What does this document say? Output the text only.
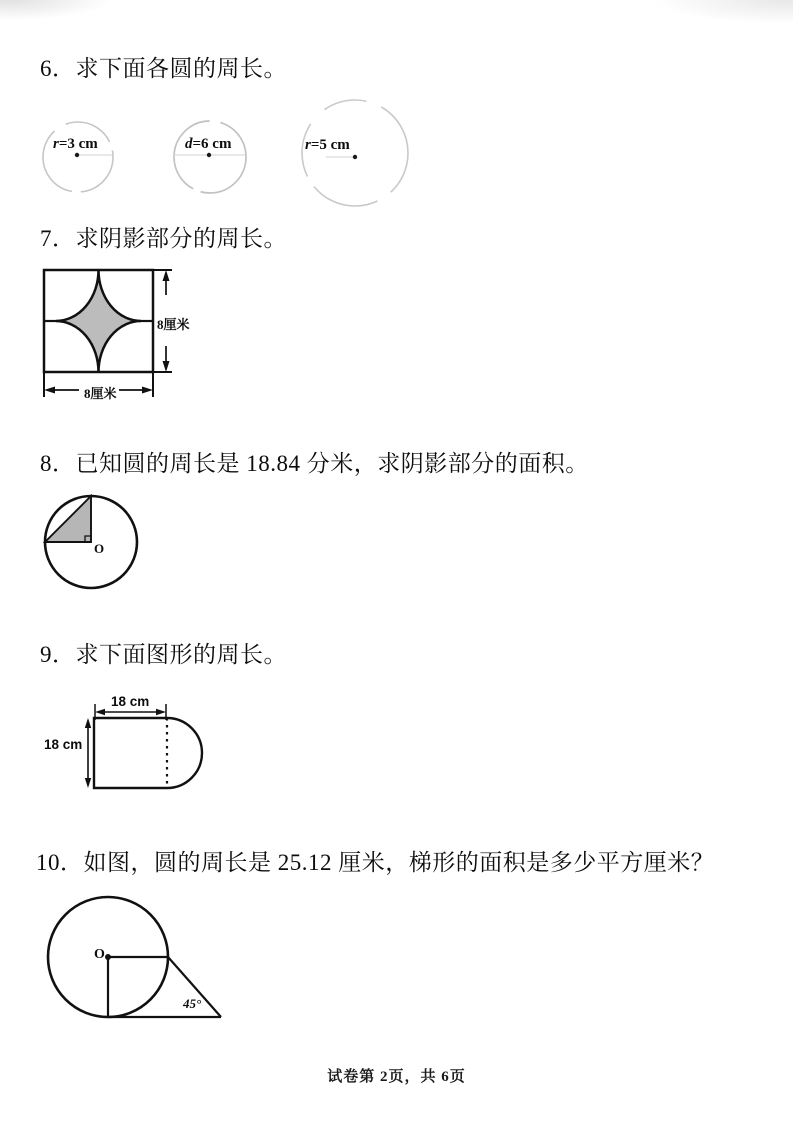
6．求下面各圆的周长。
r=3 cm	d=6 cm	r=5 cm
7．求阴影部分的周长。
8厘米
8厘米
8．已知圆的周长是 18.84 分米，求阴影部分的面积。
O
9．求下面图形的周长。
18 cm
18 cm
10．如图，圆的周长是 25.12 厘米，梯形的面积是多少平方厘米？
O
45°
试卷第 2页，共 6页
